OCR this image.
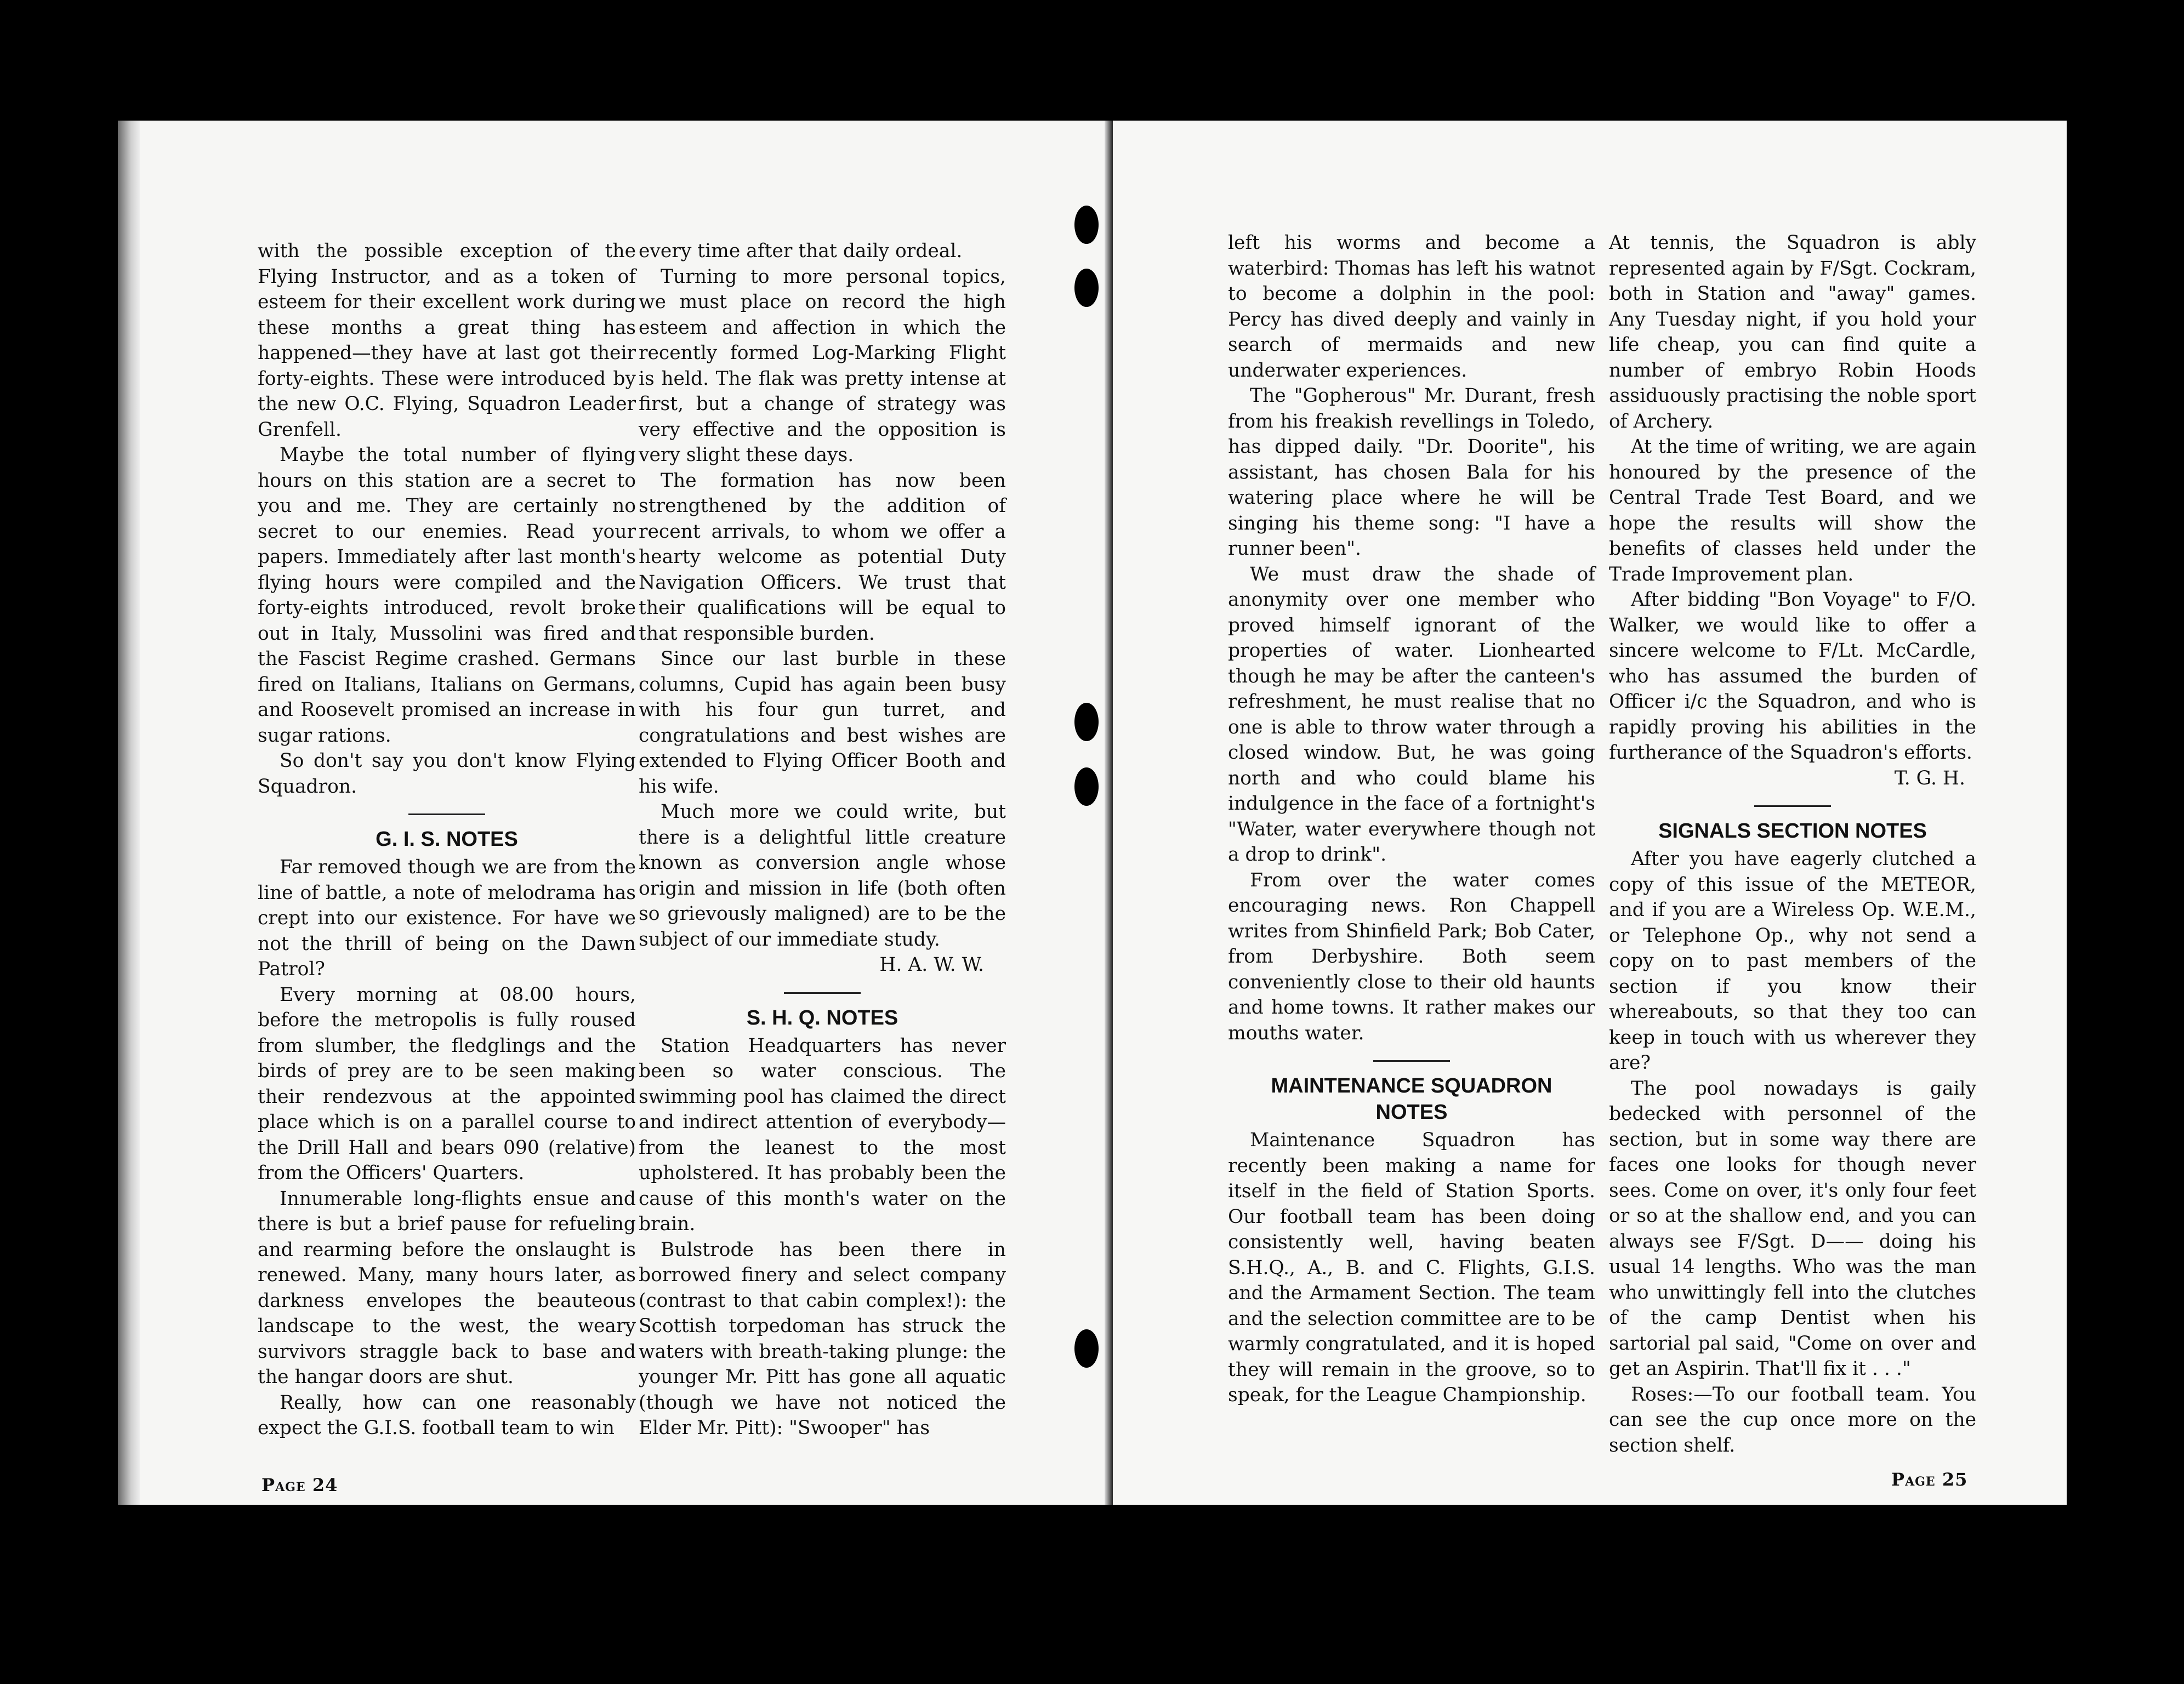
with the possible exception of the Flying Instructor, and as a token of esteem for their excellent work during these months a great thing has happened—they have at last got their forty-eights. These were introduced by the new O.C. Flying, Squadron Leader Grenfell.

Maybe the total number of flying hours on this station are a secret to you and me. They are certainly no secret to our enemies. Read your papers. Immediately after last month's flying hours were compiled and the forty-eights introduced, revolt broke out in Italy, Mussolini was fired and the Fascist Regime crashed. Germans fired on Italians, Italians on Germans, and Roosevelt promised an increase in sugar rations.

So don't say you don't know Flying Squadron.

G. I. S. NOTES

Far removed though we are from the line of battle, a note of melodrama has crept into our existence. For have we not the thrill of being on the Dawn Patrol?

Every morning at 08.00 hours, before the metropolis is fully roused from slumber, the fledglings and the birds of prey are to be seen making their rendezvous at the appointed place which is on a parallel course to the Drill Hall and bears 090 (relative) from the Officers' Quarters.

Innumerable long-flights ensue and there is but a brief pause for refueling and rearming before the onslaught is renewed. Many, many hours later, as darkness envelopes the beauteous landscape to the west, the weary survivors straggle back to base and the hangar doors are shut.

Really, how can one reasonably expect the G.I.S. football team to win

every time after that daily ordeal.

Turning to more personal topics, we must place on record the high esteem and affection in which the recently formed Log-Marking Flight is held. The flak was pretty intense at first, but a change of strategy was very effective and the opposition is very slight these days.

The formation has now been strengthened by the addition of recent arrivals, to whom we offer a hearty welcome as potential Duty Navigation Officers. We trust that their qualifications will be equal to that responsible burden.

Since our last burble in these columns, Cupid has again been busy with his four gun turret, and congratulations and best wishes are extended to Flying Officer Booth and his wife.

Much more we could write, but there is a delightful little creature known as conversion angle whose origin and mission in life (both often so grievously maligned) are to be the subject of our immediate study.

H. A. W. W.

S. H. Q. NOTES

Station Headquarters has never been so water conscious. The swimming pool has claimed the direct and indirect attention of everybody—from the leanest to the most upholstered. It has probably been the cause of this month's water on the brain.

Bulstrode has been there in borrowed finery and select company (contrast to that cabin complex!): the Scottish torpedoman has struck the waters with breath-taking plunge: the younger Mr. Pitt has gone all aquatic (though we have not noticed the Elder Mr. Pitt): "Swooper" has

Page 24

left his worms and become a waterbird: Thomas has left his watnot to become a dolphin in the pool: Percy has dived deeply and vainly in search of mermaids and new underwater experiences.

The "Gopherous" Mr. Durant, fresh from his freakish revellings in Toledo, has dipped daily. "Dr. Doorite", his assistant, has chosen Bala for his watering place where he will be singing his theme song: "I have a runner been".

We must draw the shade of anonymity over one member who proved himself ignorant of the properties of water. Lionhearted though he may be after the canteen's refreshment, he must realise that no one is able to throw water through a closed window. But, he was going north and who could blame his indulgence in the face of a fortnight's "Water, water everywhere though not a drop to drink".

From over the water comes encouraging news. Ron Chappell writes from Shinfield Park; Bob Cater, from Derbyshire. Both seem conveniently close to their old haunts and home towns. It rather makes our mouths water.

MAINTENANCE SQUADRON NOTES

Maintenance Squadron has recently been making a name for itself in the field of Station Sports. Our football team has been doing consistently well, having beaten S.H.Q., A., B. and C. Flights, G.I.S. and the Armament Section. The team and the selection committee are to be warmly congratulated, and it is hoped they will remain in the groove, so to speak, for the League Championship.

At tennis, the Squadron is ably represented again by F/Sgt. Cockram, both in Station and "away" games. Any Tuesday night, if you hold your life cheap, you can find quite a number of embryo Robin Hoods assiduously practising the noble sport of Archery.

At the time of writing, we are again honoured by the presence of the Central Trade Test Board, and we hope the results will show the benefits of classes held under the Trade Improvement plan.

After bidding "Bon Voyage" to F/O. Walker, we would like to offer a sincere welcome to F/Lt. McCardle, who has assumed the burden of Officer i/c the Squadron, and who is rapidly proving his abilities in the furtherance of the Squadron's efforts.

T. G. H.

SIGNALS SECTION NOTES

After you have eagerly clutched a copy of this issue of the METEOR, and if you are a Wireless Op. W.E.M., or Telephone Op., why not send a copy on to past members of the section if you know their whereabouts, so that they too can keep in touch with us wherever they are?

The pool nowadays is gaily bedecked with personnel of the section, but in some way there are faces one looks for though never sees. Come on over, it's only four feet or so at the shallow end, and you can always see F/Sgt. D—— doing his usual 14 lengths. Who was the man who unwittingly fell into the clutches of the camp Dentist when his sartorial pal said, "Come on over and get an Aspirin. That'll fix it . . ."

Roses:—To our football team. You can see the cup once more on the section shelf.

Page 25
